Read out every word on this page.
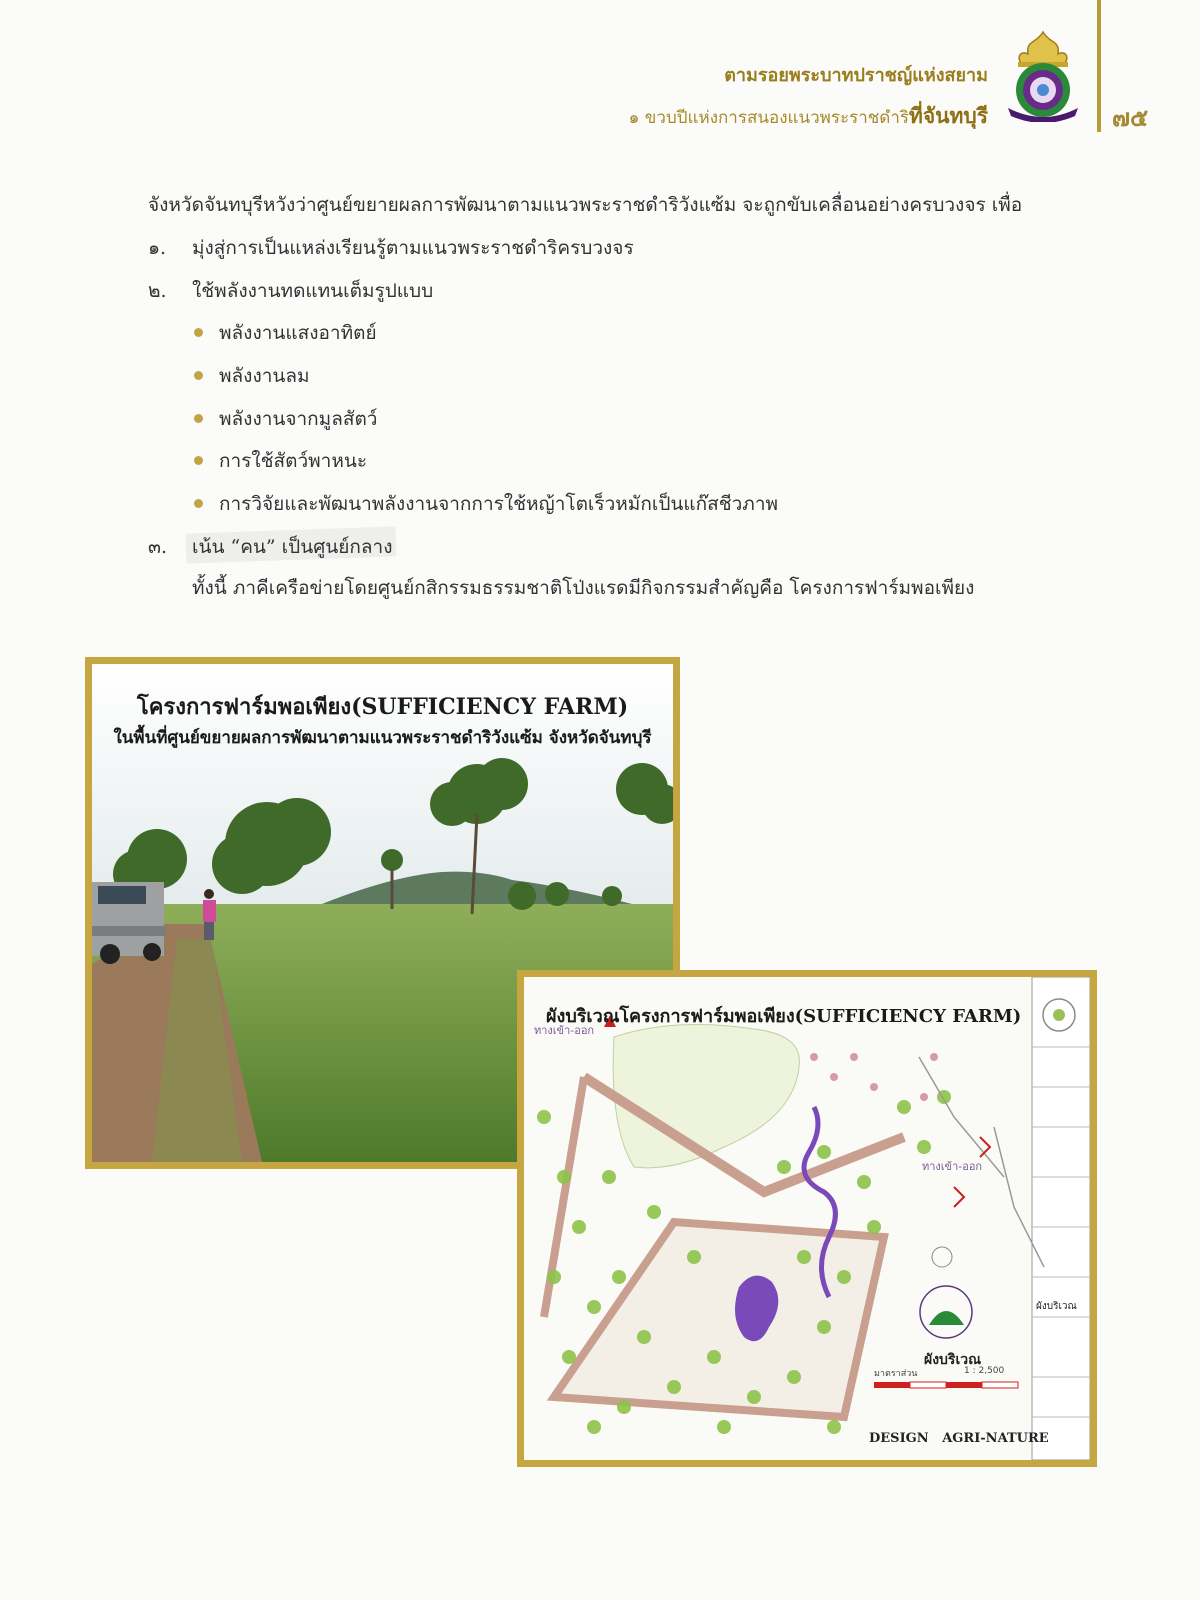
ตามรอยพระบาทปราชญ์แห่งสยาม
๑ ขวบปีแห่งการสนองแนวพระราชดำริที่จันทบุรี	๗๕
จังหวัดจันทบุรีหวังว่าศูนย์ขยายผลการพัฒนาตามแนวพระราชดำริวังแซ้ม จะถูกขับเคลื่อนอย่างครบวงจร เพื่อ
๑. มุ่งสู่การเป็นแหล่งเรียนรู้ตามแนวพระราชดำริครบวงจร
๒. ใช้พลังงานทดแทนเต็มรูปแบบ
พลังงานแสงอาทิตย์
พลังงานลม
พลังงานจากมูลสัตว์
การใช้สัตว์พาหนะ
การวิจัยและพัฒนาพลังงานจากการใช้หญ้าโตเร็วหมักเป็นแก๊สชีวภาพ
๓. เน้น “คน” เป็นศูนย์กลาง
ทั้งนี้ ภาคีเครือข่ายโดยศูนย์กสิกรรมธรรมชาติโป่งแรดมีกิจกรรมสำคัญคือ โครงการฟาร์มพอเพียง
โครงการฟาร์มพอเพียง(SUFFICIENCY FARM)
ในพื้นที่ศูนย์ขยายผลการพัฒนาตามแนวพระราชดำริวังแซ้ม จังหวัดจันทบุรี
ผังบริเวณโครงการฟาร์มพอเพียง(SUFFICIENCY FARM)
ทางเข้า-ออก
ทางเข้า-ออก
ผังบริเวณ
มาตราส่วน	1 : 2,500
DESIGN   AGRI-NATURE
ผังบริเวณ
